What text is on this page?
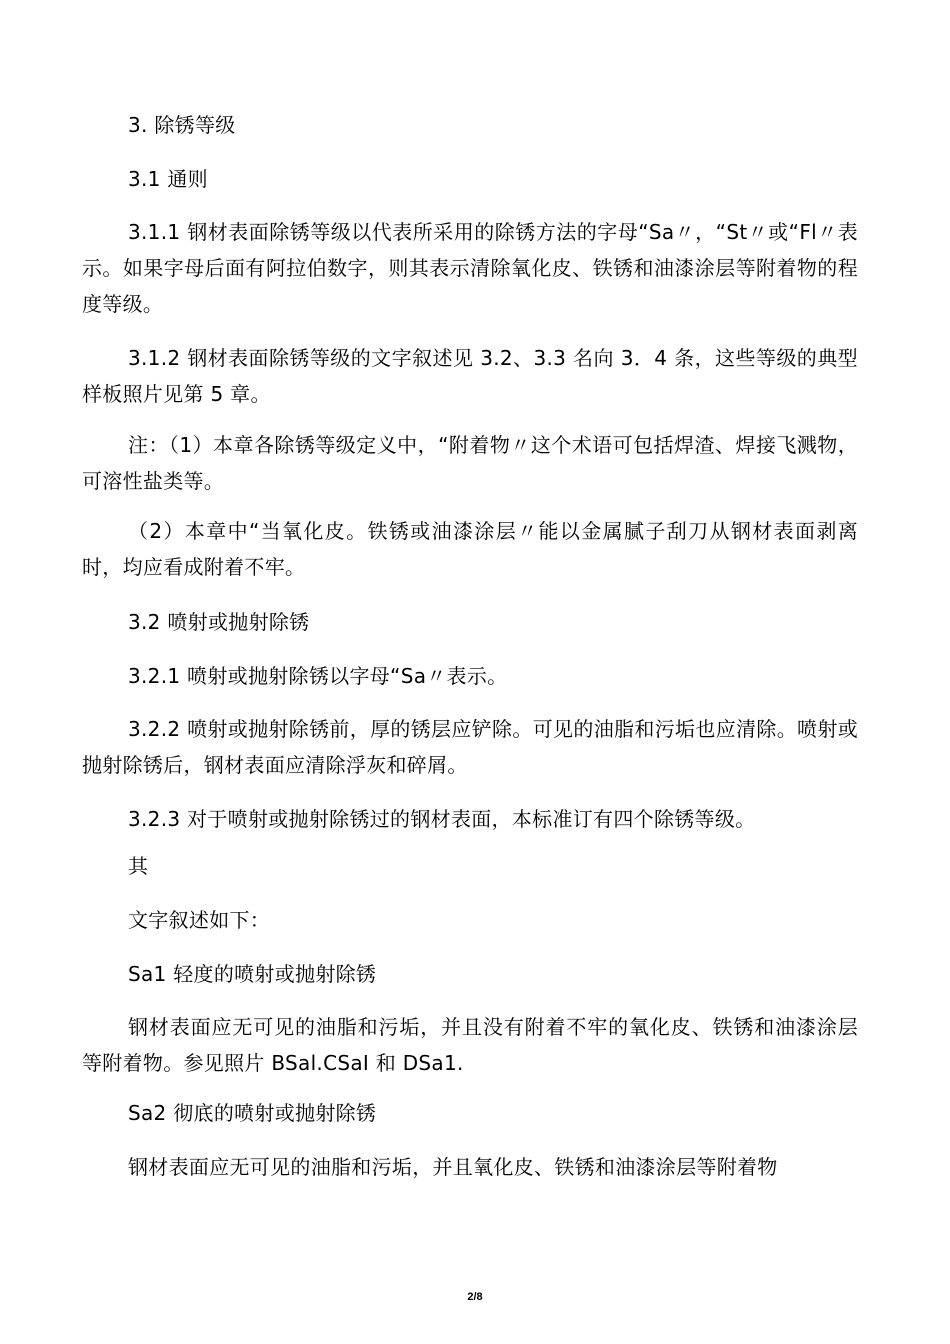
3. 除锈等级

3.1 通则

3.1.1 钢材表面除锈等级以代表所采用的除锈方法的字母“Sa〃，“St〃或“Fl〃表示。如果字母后面有阿拉伯数字，则其表示清除氧化皮、铁锈和油漆涂层等附着物的程度等级。

3.1.2 钢材表面除锈等级的文字叙述见 3.2、3.3 名向 3．4 条，这些等级的典型样板照片见第 5 章。

注：（1）本章各除锈等级定义中，“附着物〃这个术语可包括焊渣、焊接飞溅物，可溶性盐类等。

（2）本章中“当氧化皮。铁锈或油漆涂层〃能以金属腻子刮刀从钢材表面剥离时，均应看成附着不牢。

3.2 喷射或抛射除锈

3.2.1 喷射或抛射除锈以字母“Sa〃表示。

3.2.2 喷射或抛射除锈前，厚的锈层应铲除。可见的油脂和污垢也应清除。喷射或抛射除锈后，钢材表面应清除浮灰和碎屑。

3.2.3 对于喷射或抛射除锈过的钢材表面，本标准订有四个除锈等级。

其

文字叙述如下：

Sa1 轻度的喷射或抛射除锈

钢材表面应无可见的油脂和污垢，并且没有附着不牢的氧化皮、铁锈和油漆涂层等附着物。参见照片 BSal.CSaI 和 DSa1.

Sa2 彻底的喷射或抛射除锈

钢材表面应无可见的油脂和污垢，并且氧化皮、铁锈和油漆涂层等附着物

2/8
